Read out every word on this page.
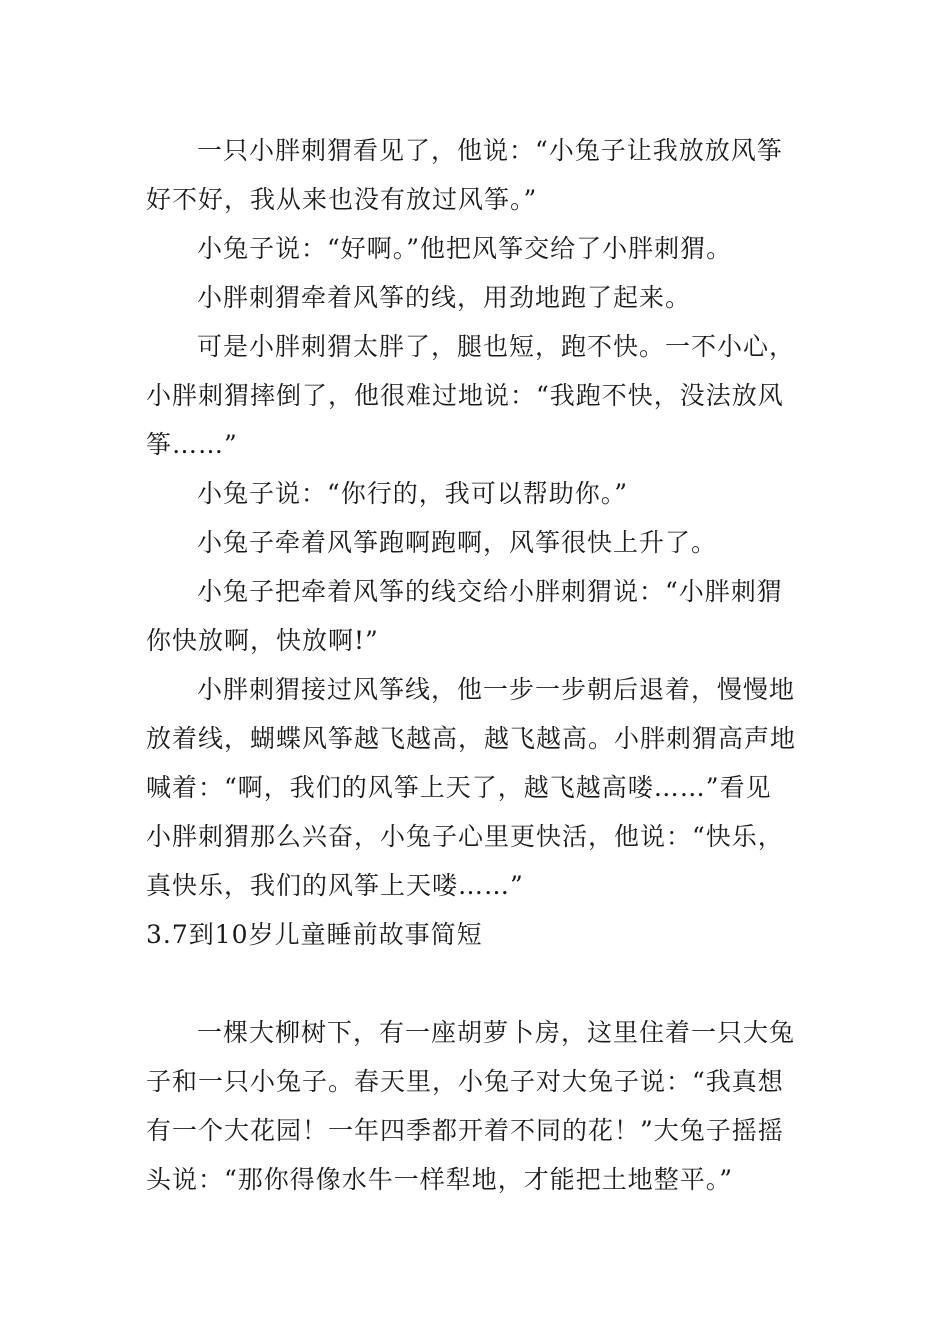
一只小胖刺猬看见了，他说：“小兔子让我放放风筝
好不好，我从来也没有放过风筝。”
小兔子说：“好啊。”他把风筝交给了小胖刺猬。
小胖刺猬牵着风筝的线，用劲地跑了起来。
可是小胖刺猬太胖了，腿也短，跑不快。一不小心，
小胖刺猬摔倒了，他很难过地说：“我跑不快，没法放风
筝……”
小兔子说：“你行的，我可以帮助你。”
小兔子牵着风筝跑啊跑啊，风筝很快上升了。
小兔子把牵着风筝的线交给小胖刺猬说：“小胖刺猬
你快放啊，快放啊!”
小胖刺猬接过风筝线，他一步一步朝后退着，慢慢地
放着线，蝴蝶风筝越飞越高，越飞越高。小胖刺猬高声地
喊着：“啊，我们的风筝上天了，越飞越高喽……”看见
小胖刺猬那么兴奋，小兔子心里更快活，他说：“快乐，
真快乐，我们的风筝上天喽……”
3.7到10岁儿童睡前故事简短
一棵大柳树下，有一座胡萝卜房，这里住着一只大兔
子和一只小兔子。春天里，小兔子对大兔子说：“我真想
有一个大花园！一年四季都开着不同的花！”大兔子摇摇
头说：“那你得像水牛一样犁地，才能把土地整平。”
